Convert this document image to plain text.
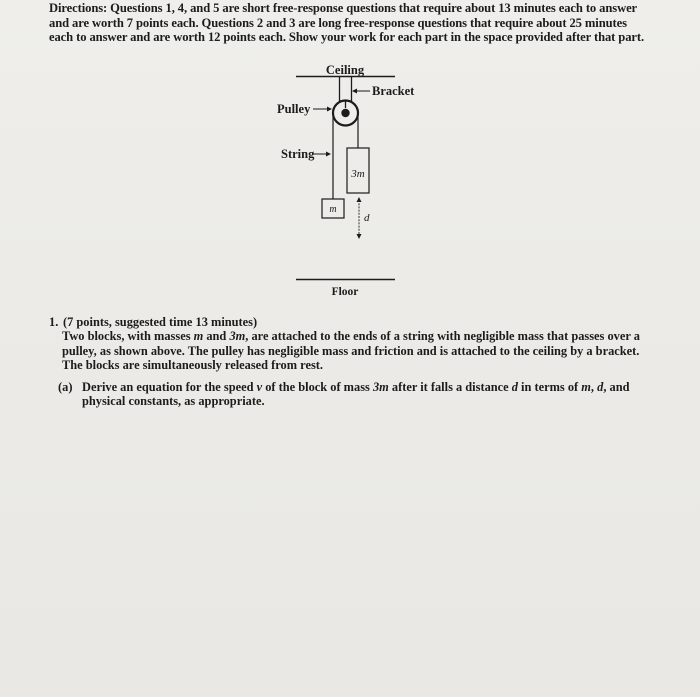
Directions: Questions 1, 4, and 5 are short free-response questions that require about 13 minutes each to answer and are worth 7 points each. Questions 2 and 3 are long free-response questions that require about 25 minutes each to answer and are worth 12 points each. Show your work for each part in the space provided after that part.
Ceiling
Bracket
Pulley
String
3m
m
d
Floor
1. (7 points, suggested time 13 minutes)
Two blocks, with masses m and 3m, are attached to the ends of a string with negligible mass that passes over a pulley, as shown above. The pulley has negligible mass and friction and is attached to the ceiling by a bracket. The blocks are simultaneously released from rest.
(a) Derive an equation for the speed v of the block of mass 3m after it falls a distance d in terms of m, d, and physical constants, as appropriate.
